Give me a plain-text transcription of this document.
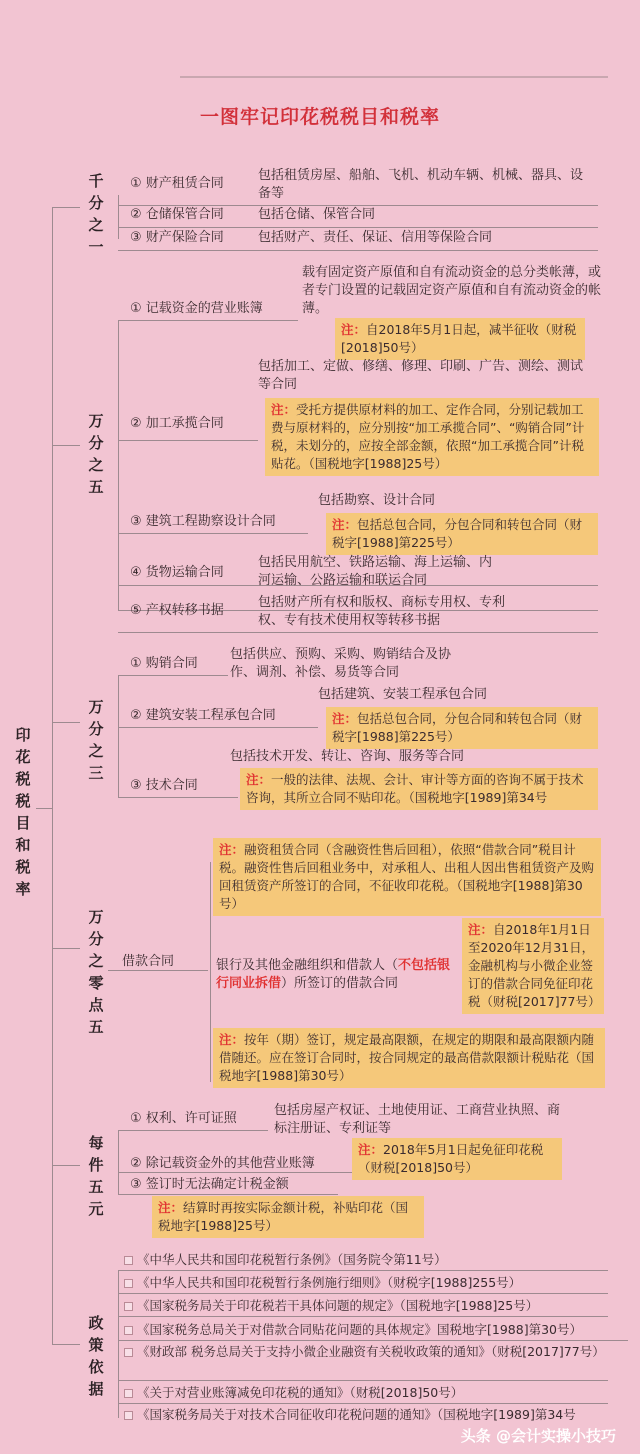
一图牢记印花税税目和税率
印花税税目和税率
千分之一
① 财产租赁合同
包括租赁房屋、船舶、飞机、机动车辆、机械、器具、设备等
② 仓储保管合同	包括仓储、保管合同
③ 财产保险合同	包括财产、责任、保证、信用等保险合同
万分之五
① 记载资金的营业账簿
载有固定资产原值和自有流动资金的总分类帐薄，或者专门设置的记载固定资产原值和自有流动资金的帐薄。
注：自2018年5月1日起，减半征收（财税[2018]50号）
② 加工承揽合同
包括加工、定做、修缮、修理、印刷、广告、测绘、测试等合同
注：受托方提供原材料的加工、定作合同，分别记载加工费与原材料的，应分别按“加工承揽合同”、“购销合同”计税，未划分的，应按全部金额，依照“加工承揽合同”计税贴花。（国税地字[1988]25号）
③ 建筑工程勘察设计合同
包括勘察、设计合同
注：包括总包合同，分包合同和转包合同（财税字[1988]第225号）
④ 货物运输合同
包括民用航空、铁路运输、海上运输、内河运输、公路运输和联运合同
⑤ 产权转移书据
包括财产所有权和版权、商标专用权、专利权、专有技术使用权等转移书据
万分之三
① 购销合同
包括供应、预购、采购、购销结合及协作、调剂、补偿、易货等合同
② 建筑安装工程承包合同
包括建筑、安装工程承包合同
注：包括总包合同，分包合同和转包合同（财税字[1988]第225号）
③ 技术合同
包括技术开发、转让、咨询、服务等合同
注：一般的法律、法规、会计、审计等方面的咨询不属于技术咨询，其所立合同不贴印花。（国税地字[1989]第34号
万分之零点五
借款合同
注：融资租赁合同（含融资性售后回租），依照“借款合同”税目计税。融资性售后回租业务中，对承租人、出租人因出售租赁资产及购回租赁资产所签订的合同，不征收印花税。（国税地字[1988]第30号）
银行及其他金融组织和借款人（不包括银行同业拆借）所签订的借款合同
注：自2018年1月1日至2020年12月31日，金融机构与小微企业签订的借款合同免征印花税（财税[2017]77号）
注：按年（期）签订，规定最高限额，在规定的期限和最高限额内随借随还。应在签订合同时，按合同规定的最高借款限额计税贴花（国税地字[1988]第30号）
每件五元
① 权利、许可证照
包括房屋产权证、土地使用证、工商营业执照、商标注册证、专利证等
② 除记载资金外的其他营业账簿
注：2018年5月1日起免征印花税（财税[2018]50号）
③ 签订时无法确定计税金额
注：结算时再按实际金额计税，补贴印花（国税地字[1988]25号）
政策依据
《中华人民共和国印花税暂行条例》（国务院令第11号）
《中华人民共和国印花税暂行条例施行细则》（财税字[1988]255号）
《国家税务局关于印花税若干具体问题的规定》（国税地字[1988]25号）
《国家税务总局关于对借款合同贴花问题的具体规定》国税地字[1988]第30号）
《财政部 税务总局关于支持小微企业融资有关税收政策的通知》（财税[2017]77号）
《关于对营业账簿减免印花税的通知》（财税[2018]50号）
《国家税务局关于对技术合同征收印花税问题的通知》（国税地字[1989]第34号
头条 @会计实操小技巧
